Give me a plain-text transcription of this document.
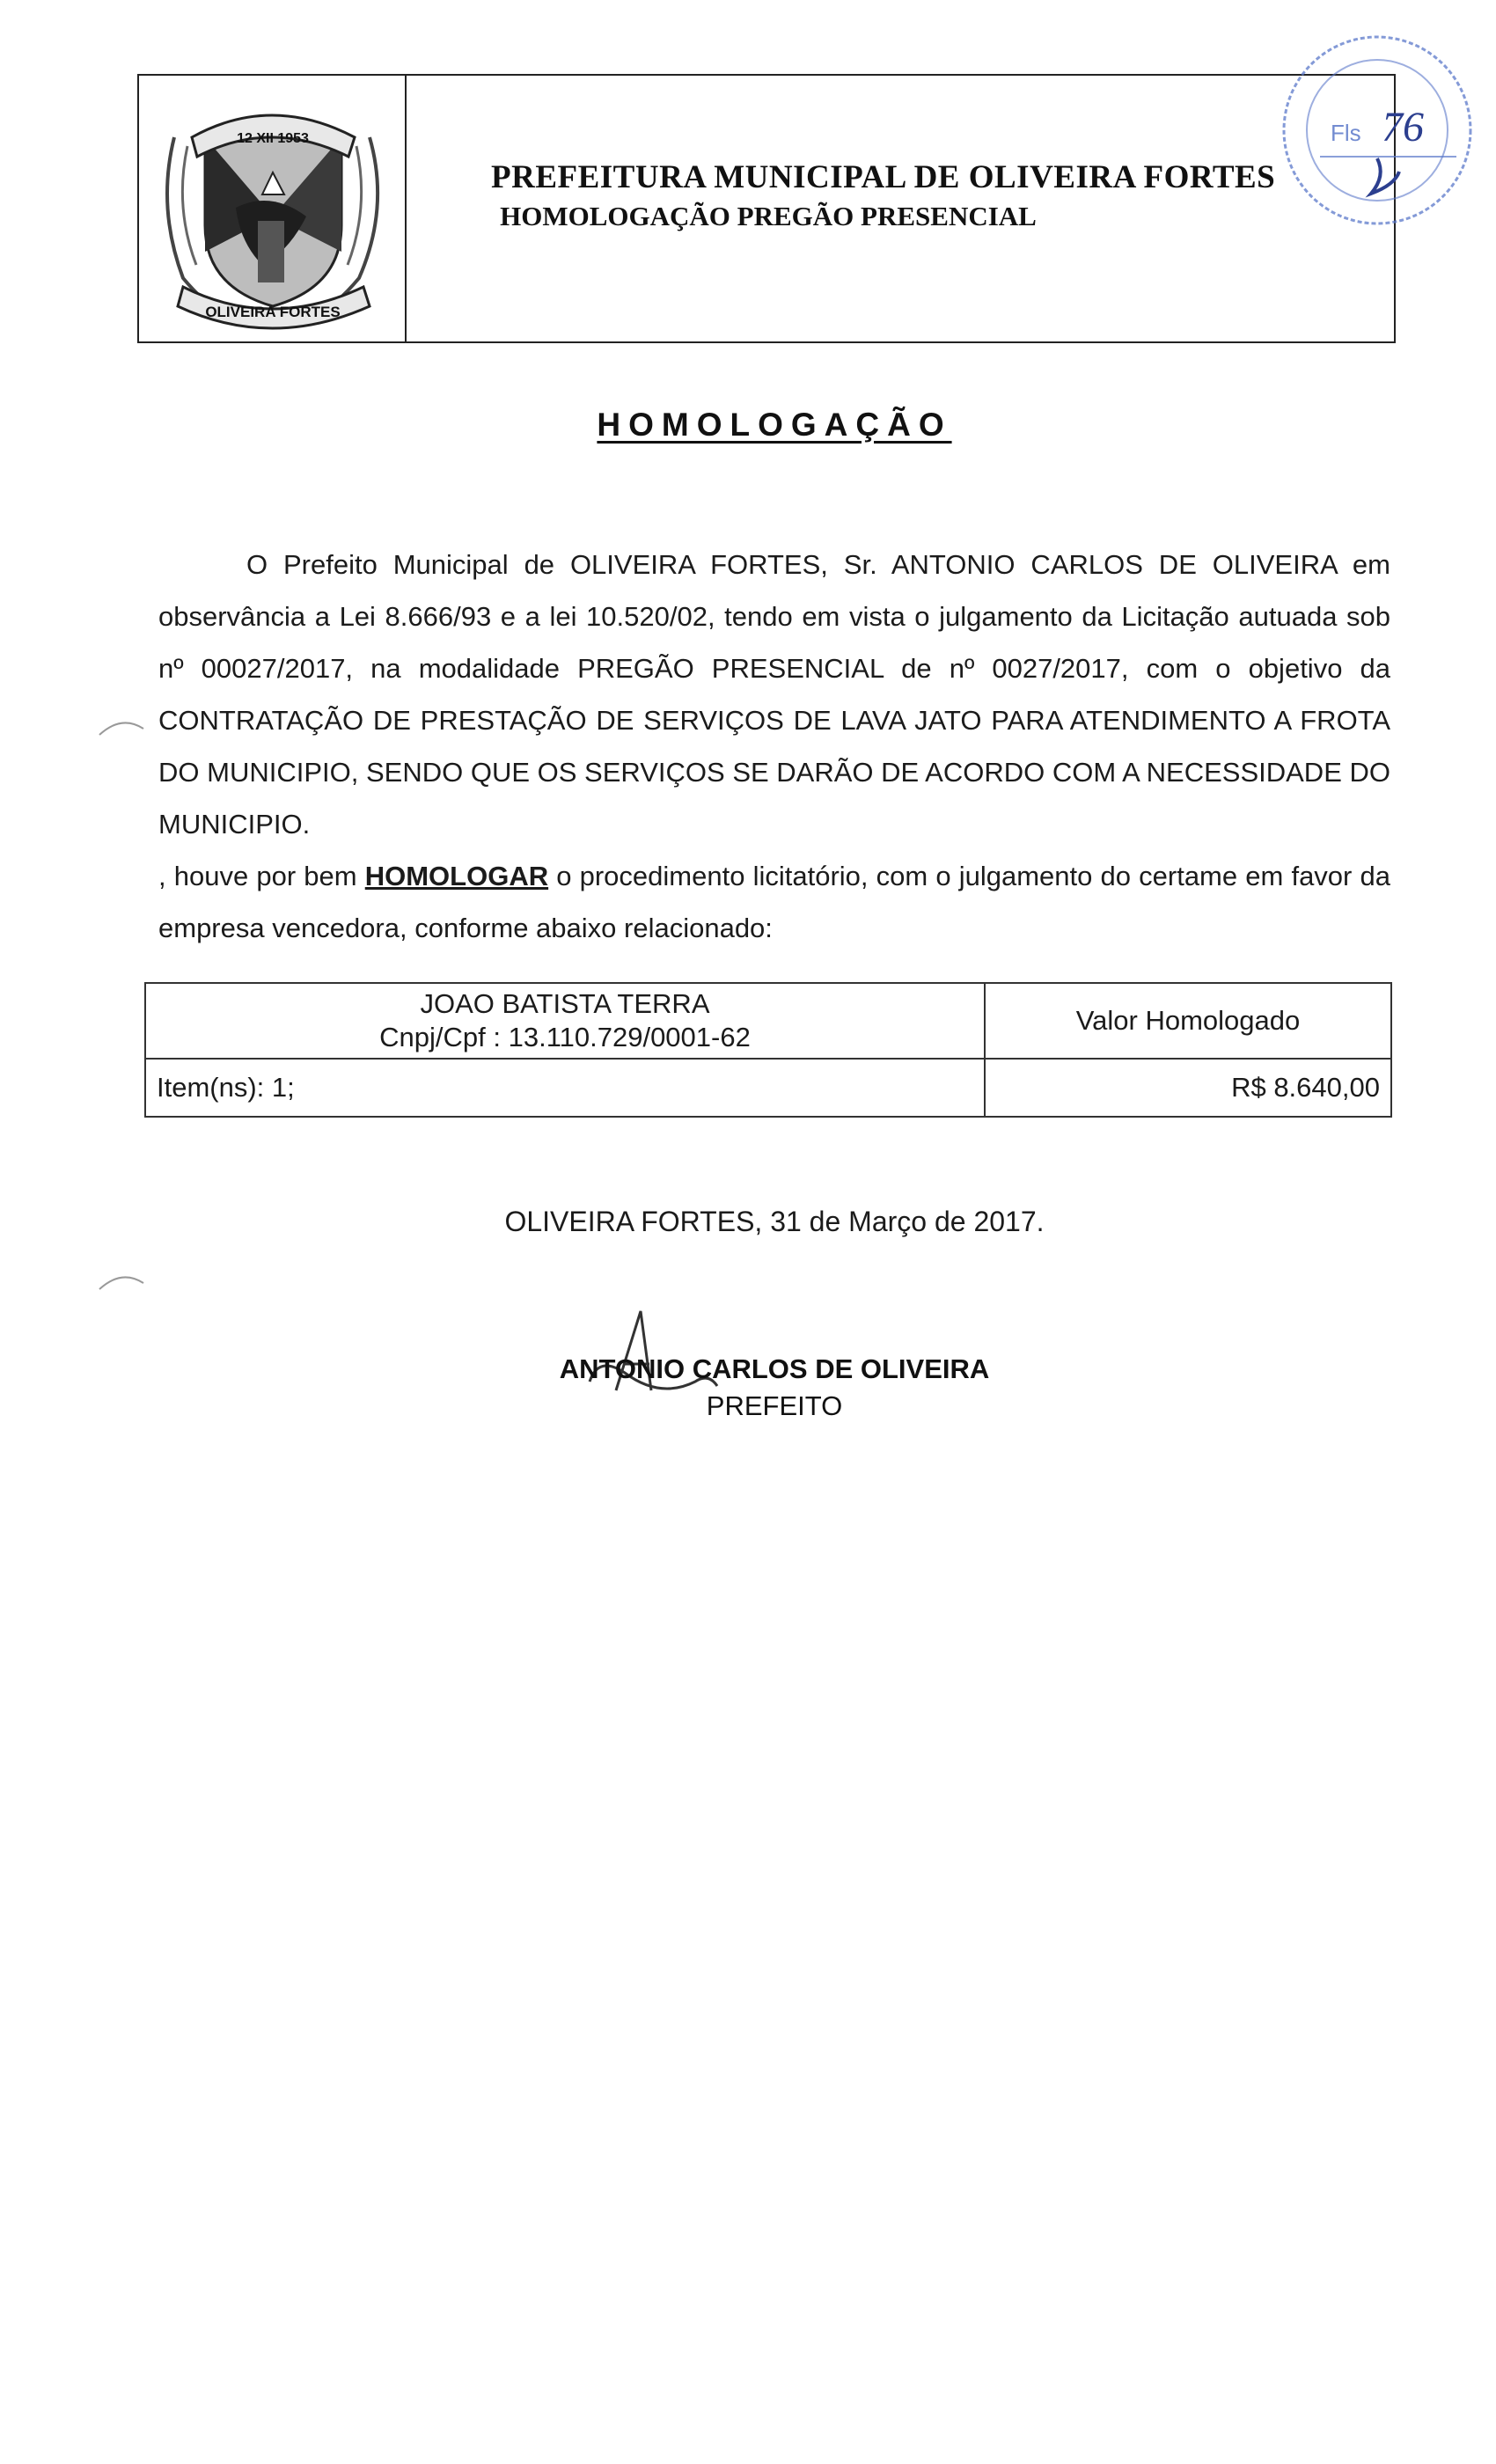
12 XII 1953
OLIVEIRA FORTES
PREFEITURA MUNICIPAL DE OLIVEIRA FORTES
HOMOLOGAÇÃO PREGÃO PRESENCIAL
Fls 76
HOMOLOGAÇÃO

O Prefeito Municipal de OLIVEIRA FORTES, Sr. ANTONIO CARLOS DE OLIVEIRA em observância a Lei 8.666/93 e a lei 10.520/02, tendo em vista o julgamento da Licitação autuada sob nº 00027/2017, na modalidade PREGÃO PRESENCIAL de nº 0027/2017, com o objetivo da CONTRATAÇÃO DE PRESTAÇÃO DE SERVIÇOS DE LAVA JATO PARA ATENDIMENTO A FROTA DO MUNICIPIO, SENDO QUE OS SERVIÇOS SE DARÃO DE ACORDO COM A NECESSIDADE DO MUNICIPIO.

, houve por bem HOMOLOGAR o procedimento licitatório, com o julgamento do certame em favor da empresa vencedora, conforme abaixo relacionado:

JOAO BATISTA TERRA
Cnpj/Cpf : 13.110.729/0001-62	Valor Homologado
Item(ns): 1;	R$ 8.640,00
OLIVEIRA FORTES, 31 de Março de 2017.
ANTONIO CARLOS DE OLIVEIRA
PREFEITO
